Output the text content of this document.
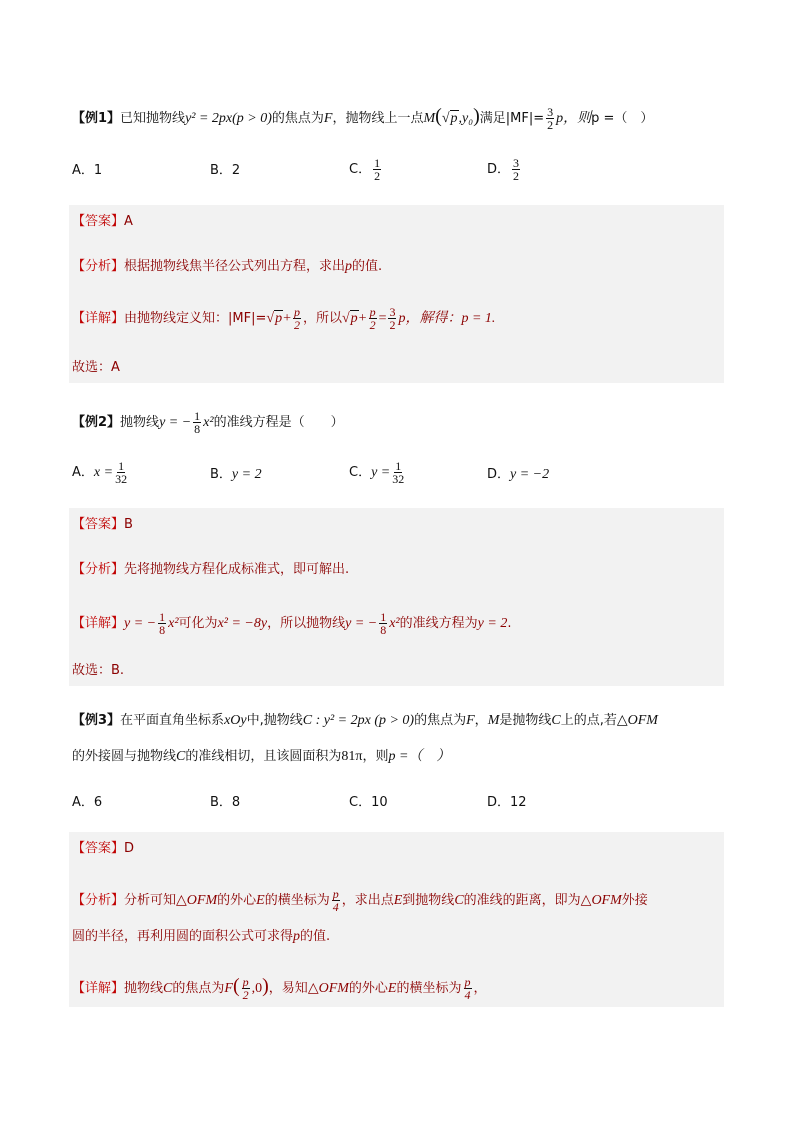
【例1】已知抛物线y² = 2px(p > 0)的焦点为F，抛物线上一点M(√p,y₀)满足$|MF|= \frac{3}{2}$ p，则p =（　）
A．1	B．2	C． $\frac{1}{2}$	D． $\frac{3}{2}$
【答案】A
【分析】根据抛物线焦半径公式列出方程，求出p的值.
【详解】由抛物线定义知：$|MF|=√p+ \frac{p}{2}$ ，所以$√p+ \frac{p}{2} = \frac{3}{2}$ p，解得：p = 1.
故选：A
【例2】抛物线y = − $\frac{1}{8} x^2$的准线方程是（　　）
A．$x = \frac{1}{32}$	B．y = 2	C．$y = \frac{1}{32}$	D．y = −2
【答案】B
【分析】先将抛物线方程化成标准式，即可解出.
【详解】y = − $\frac{1}{8} x^2$可化为x² = −8y，所以抛物线y = − $\frac{1}{8} x^2$的准线方程为y = 2.
故选：B.
【例3】在平面直角坐标系xOy中,抛物线C : y² = 2px (p > 0)的焦点为F，M是抛物线C上的点,若△OFM
的外接圆与抛物线C的准线相切，且该圆面积为81π，则p =（　）
A．6	B．8	C．10	D．12
【答案】D
【分析】分析可知△OFM的外心E的横坐标为 $\frac{p}{4}$ ，求出点E到抛物线C的准线的距离，即为△OFM外接
圆的半径，再利用圆的面积公式可求得p的值.
【详解】抛物线C的焦点为$F( \frac{p}{2} ,0)$，易知△OFM的外心E的横坐标为 $\frac{p}{4}$ ，
